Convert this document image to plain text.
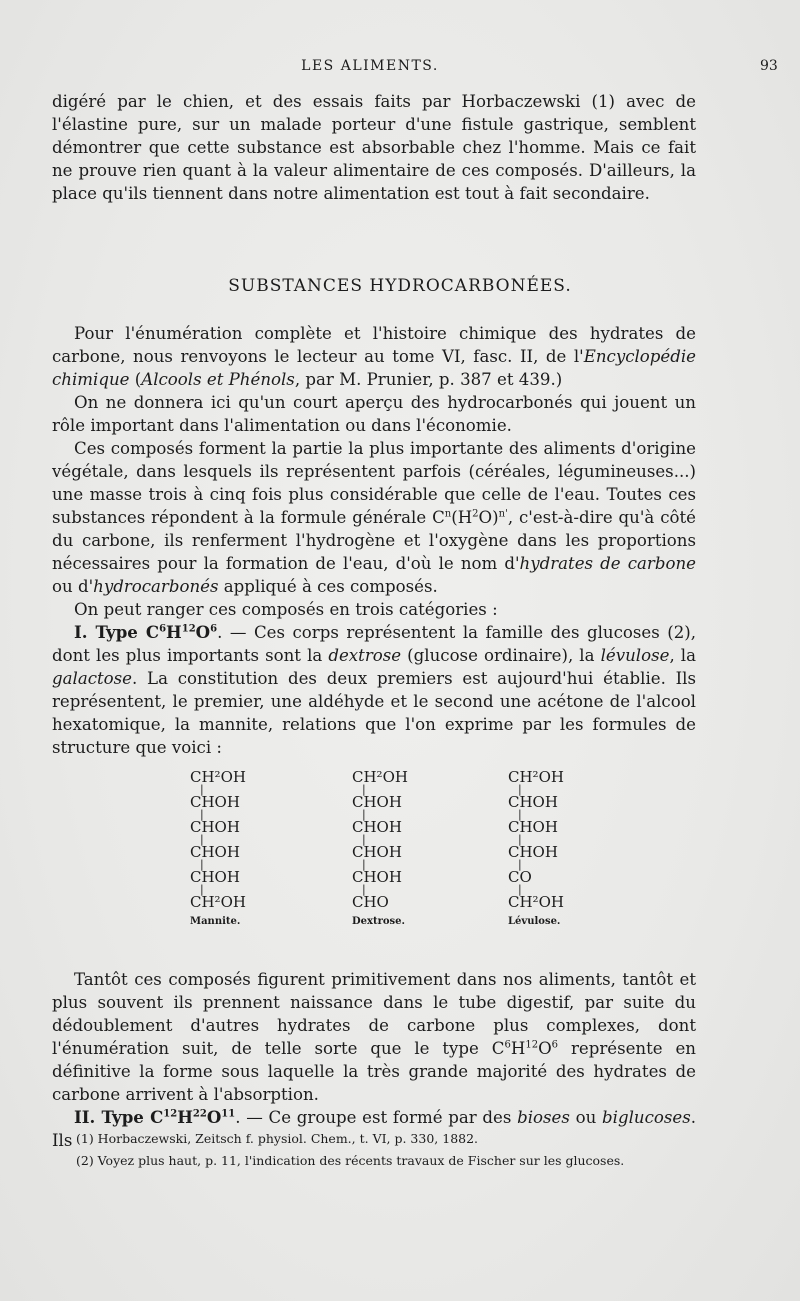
LES ALIMENTS.	93

digéré par le chien, et des essais faits par Horbaczewski (1) avec de l'élastine pure, sur un malade porteur d'une fistule gastrique, semblent démontrer que cette substance est absorbable chez l'homme. Mais ce fait ne prouve rien quant à la valeur alimentaire de ces composés. D'ailleurs, la place qu'ils tiennent dans notre alimentation est tout à fait secondaire.

SUBSTANCES HYDROCARBONÉES.

Pour l'énumération complète et l'histoire chimique des hydrates de carbone, nous renvoyons le lecteur au tome VI, fasc. II, de l'Encyclopédie chimique (Alcools et Phénols, par M. Prunier, p. 387 et 439.)

On ne donnera ici qu'un court aperçu des hydrocarbonés qui jouent un rôle important dans l'alimentation ou dans l'économie.

Ces composés forment la partie la plus importante des aliments d'origine végétale, dans lesquels ils représentent parfois (céréales, légumineuses...) une masse trois à cinq fois plus considérable que celle de l'eau. Toutes ces substances répondent à la formule générale $C^n(H^2O)^{n'}$, c'est-à-dire qu'à côté du carbone, ils renferment l'hydrogène et l'oxygène dans les proportions nécessaires pour la formation de l'eau, d'où le nom d'hydrates de carbone ou d'hydrocarbonés appliqué à ces composés.

On peut ranger ces composés en trois catégories :

I. Type $C^6H^{12}O^6$. — Ces corps représentent la famille des glucoses (2), dont les plus importants sont la dextrose (glucose ordinaire), la lévulose, la galactose. La constitution des deux premiers est aujourd'hui établie. Ils représentent, le premier, une aldéhyde et le second une acétone de l'alcool hexatomique, la mannite, relations que l'on exprime par les formules de structure que voici :

CH²OH
|
CHOH
|
CHOH
|
CHOH
|
CHOH
|
CH²OH
Mannite.
CH²OH
|
CHOH
|
CHOH
|
CHOH
|
CHOH
|
CHO
Dextrose.
CH²OH
|
CHOH
|
CHOH
|
CHOH
|
CO
|
CH²OH
Lévulose.

Tantôt ces composés figurent primitivement dans nos aliments, tantôt et plus souvent ils prennent naissance dans le tube digestif, par suite du dédoublement d'autres hydrates de carbone plus complexes, dont l'énumération suit, de telle sorte que le type $C^6H^{12}O^6$ représente en définitive la forme sous laquelle la très grande majorité des hydrates de carbone arrivent à l'absorption.

II. Type $C^{12}H^{22}O^{11}$. — Ce groupe est formé par des bioses ou biglucoses. Ils (1) Horbaczewski, Zeitsch f. physiol. Chem., t. VI, p. 330, 1882.

(2) Voyez plus haut, p. 11, l'indication des récents travaux de Fischer sur les glucoses.
